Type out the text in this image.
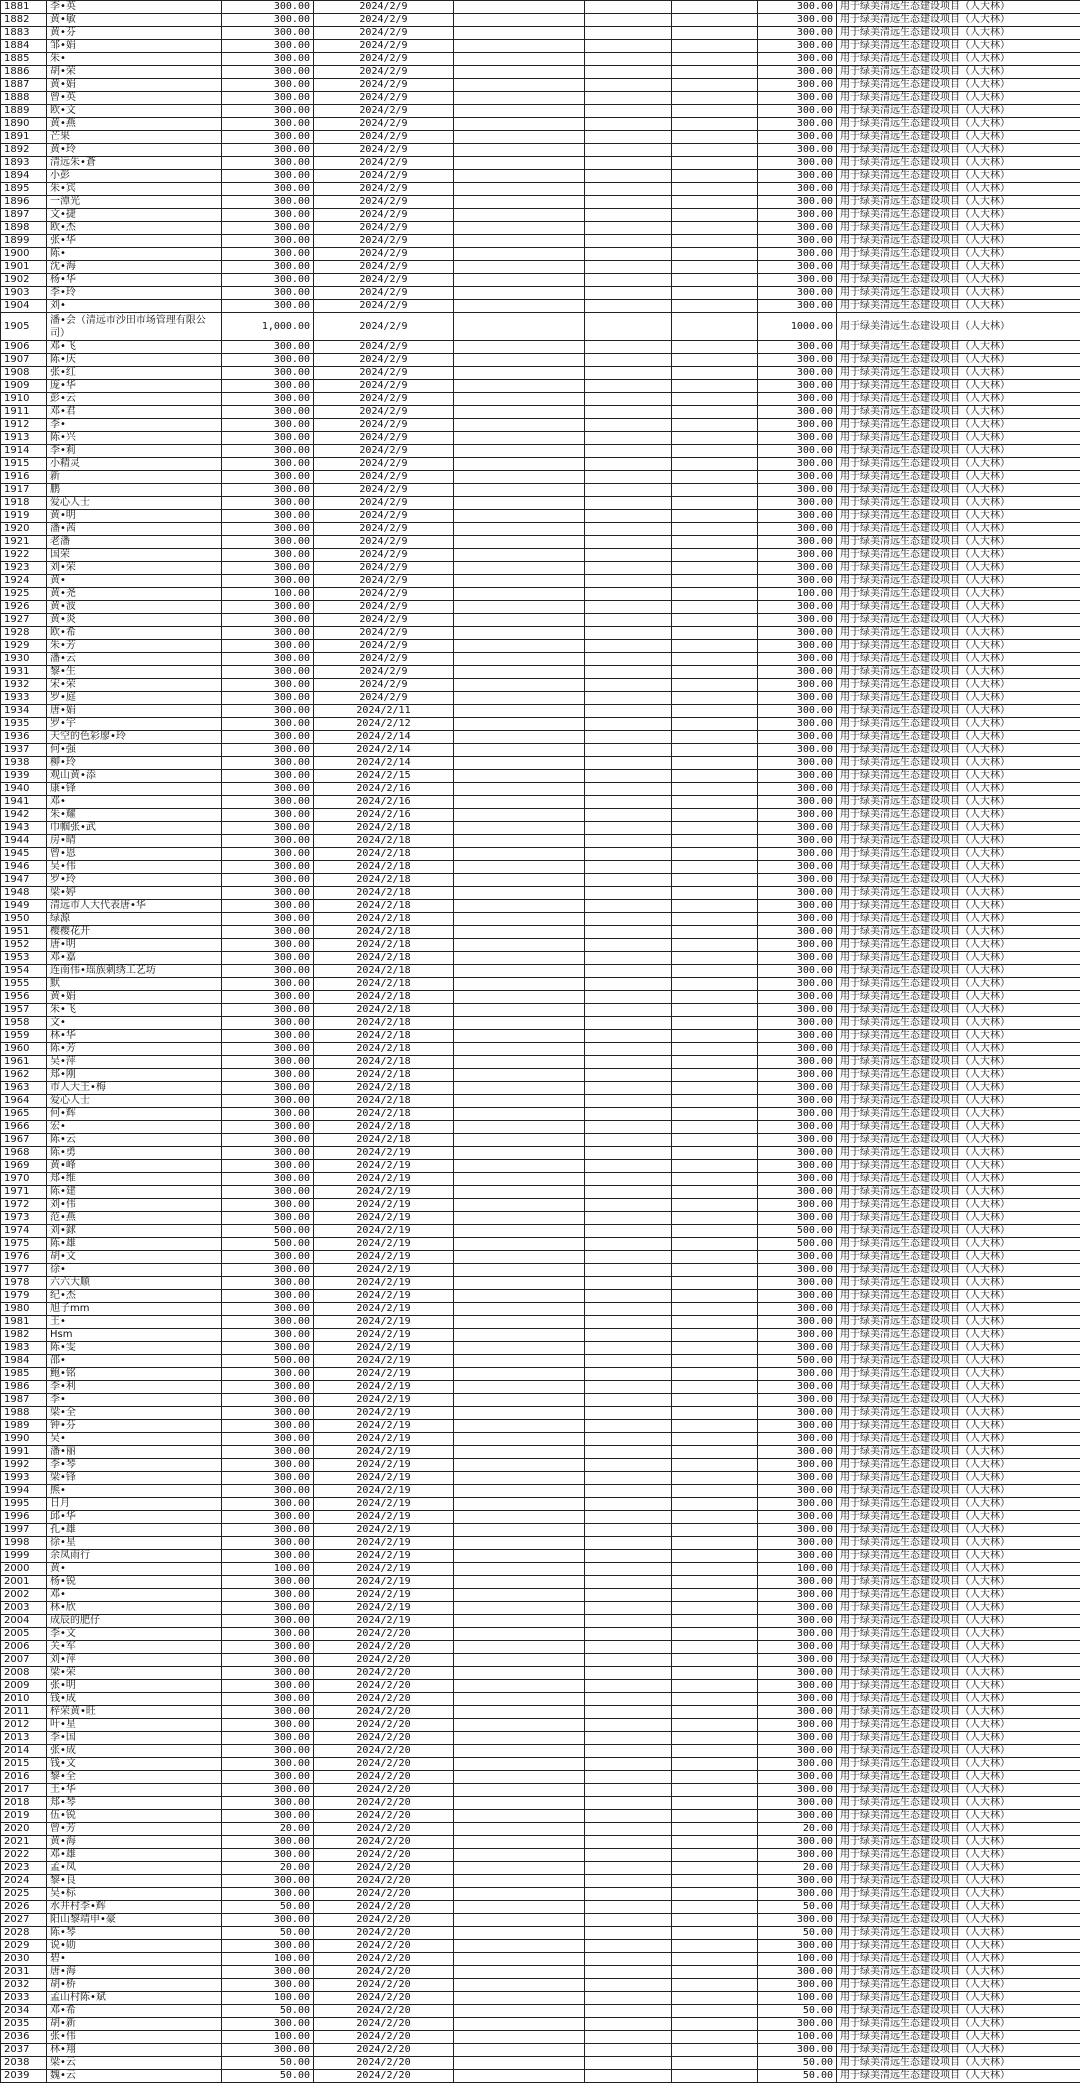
1881	李•英	300.00	2024/2/9				300.00	用于绿美清远生态建设项目（人大林）
1882	黄•敏	300.00	2024/2/9				300.00	用于绿美清远生态建设项目（人大林）
1883	黄•芬	300.00	2024/2/9				300.00	用于绿美清远生态建设项目（人大林）
1884	邹•娟	300.00	2024/2/9				300.00	用于绿美清远生态建设项目（人大林）
1885	朱•	300.00	2024/2/9				300.00	用于绿美清远生态建设项目（人大林）
1886	胡•荣	300.00	2024/2/9				300.00	用于绿美清远生态建设项目（人大林）
1887	黄•娟	300.00	2024/2/9				300.00	用于绿美清远生态建设项目（人大林）
1888	曾•英	300.00	2024/2/9				300.00	用于绿美清远生态建设项目（人大林）
1889	欧•文	300.00	2024/2/9				300.00	用于绿美清远生态建设项目（人大林）
1890	黄•燕	300.00	2024/2/9				300.00	用于绿美清远生态建设项目（人大林）
1891	芒果	300.00	2024/2/9				300.00	用于绿美清远生态建设项目（人大林）
1892	黄•玲	300.00	2024/2/9				300.00	用于绿美清远生态建设项目（人大林）
1893	清远朱•蒼	300.00	2024/2/9				300.00	用于绿美清远生态建设项目（人大林）
1894	小彭	300.00	2024/2/9				300.00	用于绿美清远生态建设项目（人大林）
1895	朱•宾	300.00	2024/2/9				300.00	用于绿美清远生态建设项目（人大林）
1896	一潭光	300.00	2024/2/9				300.00	用于绿美清远生态建设项目（人大林）
1897	文•捷	300.00	2024/2/9				300.00	用于绿美清远生态建设项目（人大林）
1898	欧•杰	300.00	2024/2/9				300.00	用于绿美清远生态建设项目（人大林）
1899	张•华	300.00	2024/2/9				300.00	用于绿美清远生态建设项目（人大林）
1900	陈•	300.00	2024/2/9				300.00	用于绿美清远生态建设项目（人大林）
1901	沈•海	300.00	2024/2/9				300.00	用于绿美清远生态建设项目（人大林）
1902	杨•华	300.00	2024/2/9				300.00	用于绿美清远生态建设项目（人大林）
1903	李•玲	300.00	2024/2/9				300.00	用于绿美清远生态建设项目（人大林）
1904	刘•	300.00	2024/2/9				300.00	用于绿美清远生态建设项目（人大林）
1905	潘•会（清远市沙田市场管理有限公司）	1,000.00	2024/2/9				1000.00	用于绿美清远生态建设项目（人大林）
1906	邓•飞	300.00	2024/2/9				300.00	用于绿美清远生态建设项目（人大林）
1907	陈•庆	300.00	2024/2/9				300.00	用于绿美清远生态建设项目（人大林）
1908	张•红	300.00	2024/2/9				300.00	用于绿美清远生态建设项目（人大林）
1909	庞•华	300.00	2024/2/9				300.00	用于绿美清远生态建设项目（人大林）
1910	彭•云	300.00	2024/2/9				300.00	用于绿美清远生态建设项目（人大林）
1911	邓•君	300.00	2024/2/9				300.00	用于绿美清远生态建设项目（人大林）
1912	李•	300.00	2024/2/9				300.00	用于绿美清远生态建设项目（人大林）
1913	陈•兴	300.00	2024/2/9				300.00	用于绿美清远生态建设项目（人大林）
1914	李•莉	300.00	2024/2/9				300.00	用于绿美清远生态建设项目（人大林）
1915	小精灵	300.00	2024/2/9				300.00	用于绿美清远生态建设项目（人大林）
1916	新	300.00	2024/2/9				300.00	用于绿美清远生态建设项目（人大林）
1917	鹏	300.00	2024/2/9				300.00	用于绿美清远生态建设项目（人大林）
1918	爱心人士	300.00	2024/2/9				300.00	用于绿美清远生态建设项目（人大林）
1919	黄•明	300.00	2024/2/9				300.00	用于绿美清远生态建设项目（人大林）
1920	潘•茜	300.00	2024/2/9				300.00	用于绿美清远生态建设项目（人大林）
1921	老潘	300.00	2024/2/9				300.00	用于绿美清远生态建设项目（人大林）
1922	国荣	300.00	2024/2/9				300.00	用于绿美清远生态建设项目（人大林）
1923	刘•荣	300.00	2024/2/9				300.00	用于绿美清远生态建设项目（人大林）
1924	黄•	300.00	2024/2/9				300.00	用于绿美清远生态建设项目（人大林）
1925	黄•尧	100.00	2024/2/9				100.00	用于绿美清远生态建设项目（人大林）
1926	黄•波	300.00	2024/2/9				300.00	用于绿美清远生态建设项目（人大林）
1927	黄•炎	300.00	2024/2/9				300.00	用于绿美清远生态建设项目（人大林）
1928	欧•希	300.00	2024/2/9				300.00	用于绿美清远生态建设项目（人大林）
1929	朱•芳	300.00	2024/2/9				300.00	用于绿美清远生态建设项目（人大林）
1930	潘•云	300.00	2024/2/9				300.00	用于绿美清远生态建设项目（人大林）
1931	黎•生	300.00	2024/2/9				300.00	用于绿美清远生态建设项目（人大林）
1932	宋•荣	300.00	2024/2/9				300.00	用于绿美清远生态建设项目（人大林）
1933	罗•庭	300.00	2024/2/9				300.00	用于绿美清远生态建设项目（人大林）
1934	唐•娟	300.00	2024/2/11				300.00	用于绿美清远生态建设项目（人大林）
1935	罗•宇	300.00	2024/2/12				300.00	用于绿美清远生态建设项目（人大林）
1936	天空的色彩廖•玲	300.00	2024/2/14				300.00	用于绿美清远生态建设项目（人大林）
1937	何•强	300.00	2024/2/14				300.00	用于绿美清远生态建设项目（人大林）
1938	柳•玲	300.00	2024/2/14				300.00	用于绿美清远生态建设项目（人大林）
1939	观山黄•添	300.00	2024/2/15				300.00	用于绿美清远生态建设项目（人大林）
1940	康•锋	300.00	2024/2/16				300.00	用于绿美清远生态建设项目（人大林）
1941	邓•	300.00	2024/2/16				300.00	用于绿美清远生态建设项目（人大林）
1942	朱•耀	300.00	2024/2/16				300.00	用于绿美清远生态建设项目（人大林）
1943	巾帼张•武	300.00	2024/2/18				300.00	用于绿美清远生态建设项目（人大林）
1944	房•晴	300.00	2024/2/18				300.00	用于绿美清远生态建设项目（人大林）
1945	曾•恩	300.00	2024/2/18				300.00	用于绿美清远生态建设项目（人大林）
1946	吴•伟	300.00	2024/2/18				300.00	用于绿美清远生态建设项目（人大林）
1947	罗•玲	300.00	2024/2/18				300.00	用于绿美清远生态建设项目（人大林）
1948	梁•婷	300.00	2024/2/18				300.00	用于绿美清远生态建设项目（人大林）
1949	清远市人大代表唐•华	300.00	2024/2/18				300.00	用于绿美清远生态建设项目（人大林）
1950	绿源	300.00	2024/2/18				300.00	用于绿美清远生态建设项目（人大林）
1951	樱樱花开	300.00	2024/2/18				300.00	用于绿美清远生态建设项目（人大林）
1952	唐•明	300.00	2024/2/18				300.00	用于绿美清远生态建设项目（人大林）
1953	邓•嘉	300.00	2024/2/18				300.00	用于绿美清远生态建设项目（人大林）
1954	连南伟•瑶族刺绣工艺坊	300.00	2024/2/18				300.00	用于绿美清远生态建设项目（人大林）
1955	默	300.00	2024/2/18				300.00	用于绿美清远生态建设项目（人大林）
1956	黄•娟	300.00	2024/2/18				300.00	用于绿美清远生态建设项目（人大林）
1957	朱•飞	300.00	2024/2/18				300.00	用于绿美清远生态建设项目（人大林）
1958	文•	300.00	2024/2/18				300.00	用于绿美清远生态建设项目（人大林）
1959	林•华	300.00	2024/2/18				300.00	用于绿美清远生态建设项目（人大林）
1960	陈•芳	300.00	2024/2/18				300.00	用于绿美清远生态建设项目（人大林）
1961	吴•萍	300.00	2024/2/18				300.00	用于绿美清远生态建设项目（人大林）
1962	郑•刚	300.00	2024/2/18				300.00	用于绿美清远生态建设项目（人大林）
1963	市人大王•梅	300.00	2024/2/18				300.00	用于绿美清远生态建设项目（人大林）
1964	爱心人士	300.00	2024/2/18				300.00	用于绿美清远生态建设项目（人大林）
1965	何•辉	300.00	2024/2/18				300.00	用于绿美清远生态建设项目（人大林）
1966	宏•	300.00	2024/2/18				300.00	用于绿美清远生态建设项目（人大林）
1967	陈•云	300.00	2024/2/18				300.00	用于绿美清远生态建设项目（人大林）
1968	陈•勇	300.00	2024/2/19				300.00	用于绿美清远生态建设项目（人大林）
1969	黄•峰	300.00	2024/2/19				300.00	用于绿美清远生态建设项目（人大林）
1970	郑•维	300.00	2024/2/19				300.00	用于绿美清远生态建设项目（人大林）
1971	陈•建	300.00	2024/2/19				300.00	用于绿美清远生态建设项目（人大林）
1972	刘•伟	300.00	2024/2/19				300.00	用于绿美清远生态建设项目（人大林）
1973	范•燕	300.00	2024/2/19				300.00	用于绿美清远生态建设项目（人大林）
1974	刘•銶	500.00	2024/2/19				500.00	用于绿美清远生态建设项目（人大林）
1975	陈•雄	500.00	2024/2/19				500.00	用于绿美清远生态建设项目（人大林）
1976	胡•文	300.00	2024/2/19				300.00	用于绿美清远生态建设项目（人大林）
1977	徐•	300.00	2024/2/19				300.00	用于绿美清远生态建设项目（人大林）
1978	六六大顺	300.00	2024/2/19				300.00	用于绿美清远生态建设项目（人大林）
1979	纪•杰	300.00	2024/2/19				300.00	用于绿美清远生态建设项目（人大林）
1980	旭子mm	300.00	2024/2/19				300.00	用于绿美清远生态建设项目（人大林）
1981	王•	300.00	2024/2/19				300.00	用于绿美清远生态建设项目（人大林）
1982	Hsm	300.00	2024/2/19				300.00	用于绿美清远生态建设项目（人大林）
1983	陈•雯	300.00	2024/2/19				300.00	用于绿美清远生态建设项目（人大林）
1984	邵•	500.00	2024/2/19				500.00	用于绿美清远生态建设项目（人大林）
1985	鲍•铭	300.00	2024/2/19				300.00	用于绿美清远生态建设项目（人大林）
1986	李•利	300.00	2024/2/19				300.00	用于绿美清远生态建设项目（人大林）
1987	李•	300.00	2024/2/19				300.00	用于绿美清远生态建设项目（人大林）
1988	梁•全	300.00	2024/2/19				300.00	用于绿美清远生态建设项目（人大林）
1989	钟•芬	300.00	2024/2/19				300.00	用于绿美清远生态建设项目（人大林）
1990	吴•	300.00	2024/2/19				300.00	用于绿美清远生态建设项目（人大林）
1991	潘•丽	300.00	2024/2/19				300.00	用于绿美清远生态建设项目（人大林）
1992	李•琴	300.00	2024/2/19				300.00	用于绿美清远生态建设项目（人大林）
1993	梁•锋	300.00	2024/2/19				300.00	用于绿美清远生态建设项目（人大林）
1994	熊•	300.00	2024/2/19				300.00	用于绿美清远生态建设项目（人大林）
1995	日月	300.00	2024/2/19				300.00	用于绿美清远生态建设项目（人大林）
1996	邱•华	300.00	2024/2/19				300.00	用于绿美清远生态建设项目（人大林）
1997	孔•雄	300.00	2024/2/19				300.00	用于绿美清远生态建设项目（人大林）
1998	徐•星	300.00	2024/2/19				300.00	用于绿美清远生态建设项目（人大林）
1999	余凤雨行	300.00	2024/2/19				300.00	用于绿美清远生态建设项目（人大林）
2000	黄•	100.00	2024/2/19				100.00	用于绿美清远生态建设项目（人大林）
2001	杨•锐	300.00	2024/2/19				300.00	用于绿美清远生态建设项目（人大林）
2002	邓•	300.00	2024/2/19				300.00	用于绿美清远生态建设项目（人大林）
2003	林•欣	300.00	2024/2/19				300.00	用于绿美清远生态建设项目（人大林）
2004	成辰的肥仔	300.00	2024/2/19				300.00	用于绿美清远生态建设项目（人大林）
2005	李•文	300.00	2024/2/20				300.00	用于绿美清远生态建设项目（人大林）
2006	关•军	300.00	2024/2/20				300.00	用于绿美清远生态建设项目（人大林）
2007	刘•萍	300.00	2024/2/20				300.00	用于绿美清远生态建设项目（人大林）
2008	梁•荣	300.00	2024/2/20				300.00	用于绿美清远生态建设项目（人大林）
2009	张•明	300.00	2024/2/20				300.00	用于绿美清远生态建设项目（人大林）
2010	钱•成	300.00	2024/2/20				300.00	用于绿美清远生态建设项目（人大林）
2011	梓荣黄•旺	300.00	2024/2/20				300.00	用于绿美清远生态建设项目（人大林）
2012	叶•星	300.00	2024/2/20				300.00	用于绿美清远生态建设项目（人大林）
2013	李•国	300.00	2024/2/20				300.00	用于绿美清远生态建设项目（人大林）
2014	张•成	300.00	2024/2/20				300.00	用于绿美清远生态建设项目（人大林）
2015	钱•文	300.00	2024/2/20				300.00	用于绿美清远生态建设项目（人大林）
2016	黎•全	300.00	2024/2/20				300.00	用于绿美清远生态建设项目（人大林）
2017	王•华	300.00	2024/2/20				300.00	用于绿美清远生态建设项目（人大林）
2018	郑•琴	300.00	2024/2/20				300.00	用于绿美清远生态建设项目（人大林）
2019	伍•锐	300.00	2024/2/20				300.00	用于绿美清远生态建设项目（人大林）
2020	曾•芳	20.00	2024/2/20				20.00	用于绿美清远生态建设项目（人大林）
2021	黄•海	300.00	2024/2/20				300.00	用于绿美清远生态建设项目（人大林）
2022	邓•雄	300.00	2024/2/20				300.00	用于绿美清远生态建设项目（人大林）
2023	孟•凤	20.00	2024/2/20				20.00	用于绿美清远生态建设项目（人大林）
2024	黎•良	300.00	2024/2/20				300.00	用于绿美清远生态建设项目（人大林）
2025	吴•标	300.00	2024/2/20				300.00	用于绿美清远生态建设项目（人大林）
2026	水井村李•辉	50.00	2024/2/20				50.00	用于绿美清远生态建设项目（人大林）
2027	阳山黎靖申•豪	300.00	2024/2/20				300.00	用于绿美清远生态建设项目（人大林）
2028	陈•琴	50.00	2024/2/20				50.00	用于绿美清远生态建设项目（人大林）
2029	说•勋	300.00	2024/2/20				300.00	用于绿美清远生态建设项目（人大林）
2030	碧•	100.00	2024/2/20				100.00	用于绿美清远生态建设项目（人大林）
2031	唐•海	300.00	2024/2/20				300.00	用于绿美清远生态建设项目（人大林）
2032	胡•桥	300.00	2024/2/20				300.00	用于绿美清远生态建设项目（人大林）
2033	孟山村陈•斌	100.00	2024/2/20				100.00	用于绿美清远生态建设项目（人大林）
2034	邓•希	50.00	2024/2/20				50.00	用于绿美清远生态建设项目（人大林）
2035	胡•新	300.00	2024/2/20				300.00	用于绿美清远生态建设项目（人大林）
2036	张•伟	100.00	2024/2/20				100.00	用于绿美清远生态建设项目（人大林）
2037	林•翔	300.00	2024/2/20				300.00	用于绿美清远生态建设项目（人大林）
2038	梁•云	50.00	2024/2/20				50.00	用于绿美清远生态建设项目（人大林）
2039	魏•云	50.00	2024/2/20				50.00	用于绿美清远生态建设项目（人大林）
